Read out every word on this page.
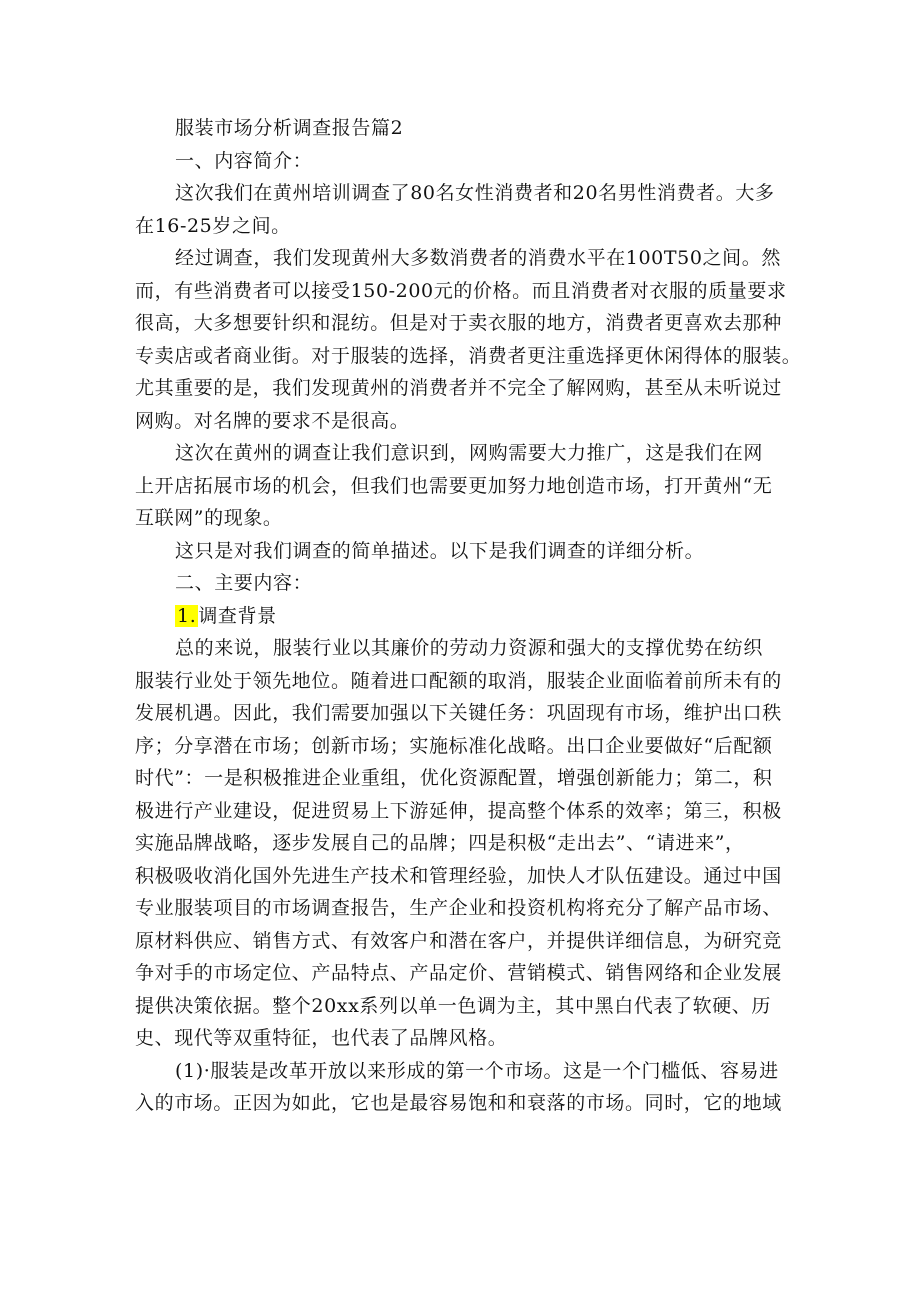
服装市场分析调查报告篇2
一、内容简介：
这次我们在黄州培训调查了80名女性消费者和20名男性消费者。大多
在16-25岁之间。
经过调查，我们发现黄州大多数消费者的消费水平在100T50之间。然
而，有些消费者可以接受150-200元的价格。而且消费者对衣服的质量要求
很高，大多想要针织和混纺。但是对于卖衣服的地方，消费者更喜欢去那种
专卖店或者商业街。对于服装的选择，消费者更注重选择更休闲得体的服装。
尤其重要的是，我们发现黄州的消费者并不完全了解网购，甚至从未听说过
网购。对名牌的要求不是很高。
这次在黄州的调查让我们意识到，网购需要大力推广，这是我们在网
上开店拓展市场的机会，但我们也需要更加努力地创造市场，打开黄州“无
互联网”的现象。
这只是对我们调查的简单描述。以下是我们调查的详细分析。
二、主要内容：
1. 调查背景
总的来说，服装行业以其廉价的劳动力资源和强大的支撑优势在纺织
服装行业处于领先地位。随着进口配额的取消，服装企业面临着前所未有的
发展机遇。因此，我们需要加强以下关键任务：巩固现有市场，维护出口秩
序；分享潜在市场；创新市场；实施标准化战略。出口企业要做好“后配额
时代”：一是积极推进企业重组，优化资源配置，增强创新能力；第二，积
极进行产业建设，促进贸易上下游延伸，提高整个体系的效率；第三，积极
实施品牌战略，逐步发展自己的品牌；四是积极“走出去”、“请进来”，
积极吸收消化国外先进生产技术和管理经验，加快人才队伍建设。通过中国
专业服装项目的市场调查报告，生产企业和投资机构将充分了解产品市场、
原材料供应、销售方式、有效客户和潜在客户，并提供详细信息，为研究竞
争对手的市场定位、产品特点、产品定价、营销模式、销售网络和企业发展
提供决策依据。整个20xx系列以单一色调为主，其中黑白代表了软硬、历
史、现代等双重特征，也代表了品牌风格。
(1)·服装是改革开放以来形成的第一个市场。这是一个门槛低、容易进
入的市场。正因为如此，它也是最容易饱和和衰落的市场。同时，它的地域
